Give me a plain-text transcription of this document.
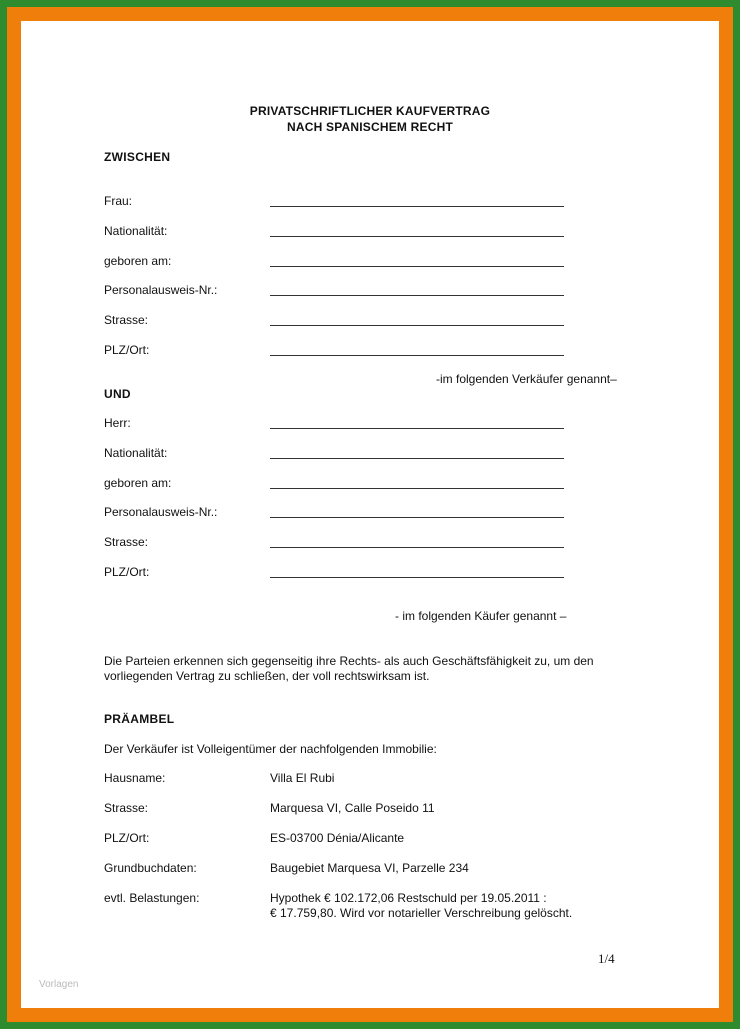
PRIVATSCHRIFTLICHER KAUFVERTRAG
NACH SPANISCHEM RECHT
ZWISCHEN
Frau:
Nationalität:
geboren am:
Personalausweis-Nr.:
Strasse:
PLZ/Ort:
-im folgenden Verkäufer genannt–
UND
Herr:
Nationalität:
geboren am:
Personalausweis-Nr.:
Strasse:
PLZ/Ort:
- im folgenden Käufer genannt –
Die Parteien erkennen sich gegenseitig ihre Rechts- als auch Geschäftsfähigkeit zu, um den vorliegenden Vertrag zu schließen, der voll rechtswirksam ist.
PRÄAMBEL
Der Verkäufer ist Volleigentümer der nachfolgenden Immobilie:
Hausname:	Villa El Rubi
Strasse:	Marquesa VI, Calle Poseido 11
PLZ/Ort:	ES-03700 Dénia/Alicante
Grundbuchdaten:	Baugebiet Marquesa VI, Parzelle 234
evtl. Belastungen:	Hypothek € 102.172,06 Restschuld per 19.05.2011 :
€ 17.759,80. Wird vor notarieller Verschreibung gelöscht.
1/4
Vorlagen
